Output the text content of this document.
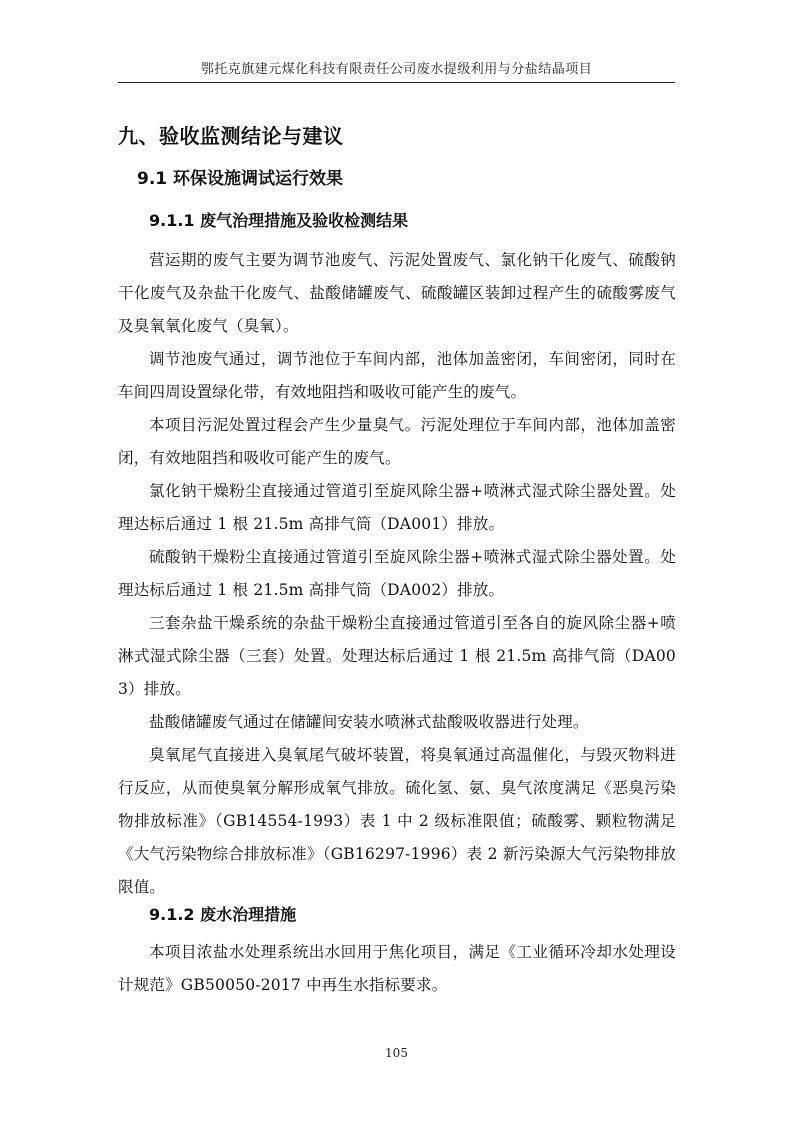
鄂托克旗建元煤化科技有限责任公司废水提级利用与分盐结晶项目
九、验收监测结论与建议
9.1 环保设施调试运行效果
9.1.1 废气治理措施及验收检测结果

营运期的废气主要为调节池废气、污泥处置废气、氯化钠干化废气、硫酸钠干化废气及杂盐干化废气、盐酸储罐废气、硫酸罐区装卸过程产生的硫酸雾废气及臭氧氧化废气（臭氧）。

调节池废气通过，调节池位于车间内部，池体加盖密闭，车间密闭，同时在车间四周设置绿化带，有效地阻挡和吸收可能产生的废气。

本项目污泥处置过程会产生少量臭气。污泥处理位于车间内部，池体加盖密闭，有效地阻挡和吸收可能产生的废气。

氯化钠干燥粉尘直接通过管道引至旋风除尘器+喷淋式湿式除尘器处置。处理达标后通过 1 根 21.5m 高排气筒（DA001）排放。

硫酸钠干燥粉尘直接通过管道引至旋风除尘器+喷淋式湿式除尘器处置。处理达标后通过 1 根 21.5m 高排气筒（DA002）排放。

三套杂盐干燥系统的杂盐干燥粉尘直接通过管道引至各自的旋风除尘器+喷淋式湿式除尘器（三套）处置。处理达标后通过 1 根 21.5m 高排气筒（DA003）排放。

盐酸储罐废气通过在储罐间安装水喷淋式盐酸吸收器进行处理。

臭氧尾气直接进入臭氧尾气破坏装置，将臭氧通过高温催化，与毁灭物料进行反应，从而使臭氧分解形成氧气排放。硫化氢、氨、臭气浓度满足《恶臭污染物排放标准》（GB14554-1993）表 1 中 2 级标准限值；硫酸雾、颗粒物满足《大气污染物综合排放标准》（GB16297-1996）表 2 新污染源大气污染物排放限值。

9.1.2 废水治理措施

本项目浓盐水处理系统出水回用于焦化项目，满足《工业循环冷却水处理设计规范》GB50050-2017 中再生水指标要求。

105
